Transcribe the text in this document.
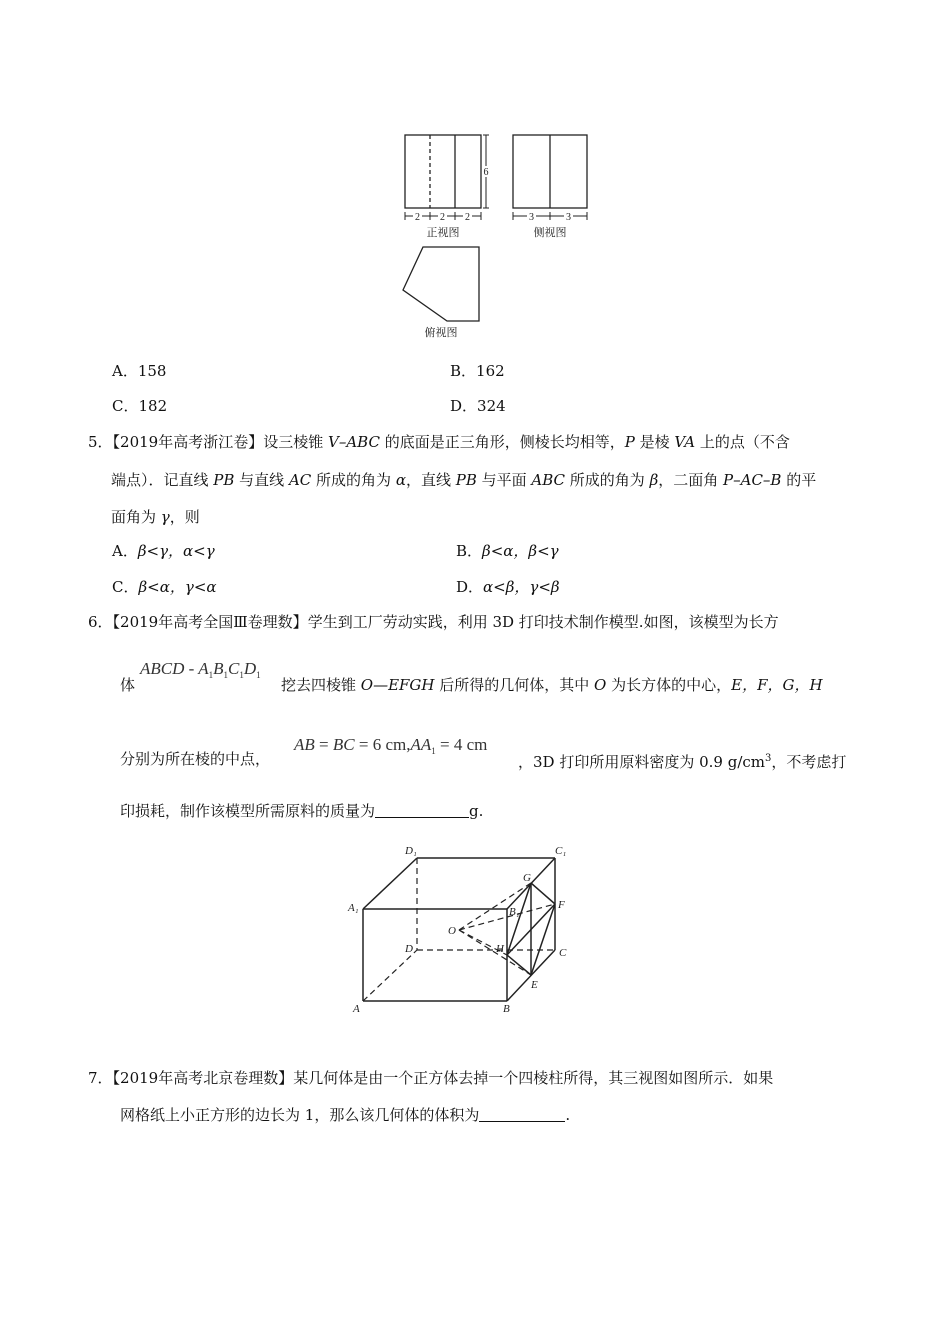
6
2 2 2	3	3
正视图	侧视图
俯视图
A．158	B．162
C．182	D．324
5．【2019年高考浙江卷】设三棱锥 V–ABC 的底面是正三角形，侧棱长均相等，P 是棱 VA 上的点（不含
端点）．记直线 PB 与直线 AC 所成的角为 α，直线 PB 与平面 ABC 所成的角为 β，二面角 P–AC–B 的平
面角为 γ，则
A．β<γ，α<γ	B．β<α，β<γ
C．β<α，γ<α	D．α<β，γ<β
6．【2019年高考全国Ⅲ卷理数】学生到工厂劳动实践，利用 3D 打印技术制作模型.如图，该模型为长方
体
ABCD - $A_1B_1C_1D_1$
挖去四棱锥 O—EFGH 后所得的几何体，其中 O 为长方体的中心，E，F，G，H
分别为所在棱的中点，
AB = BC = 6 $cm,AA_1 = 4$ cm
，3D 打印所用原料密度为 0.9 $g/cm^3$，不考虑打
印损耗，制作该模型所需原料的质量为	g.
D₁	C₁
A₁	B₁
G
F
O
H
D	C
A	B
E
7．【2019年高考北京卷理数】某几何体是由一个正方体去掉一个四棱柱所得，其三视图如图所示．如果
网格纸上小正方形的边长为 1，那么该几何体的体积为	.
